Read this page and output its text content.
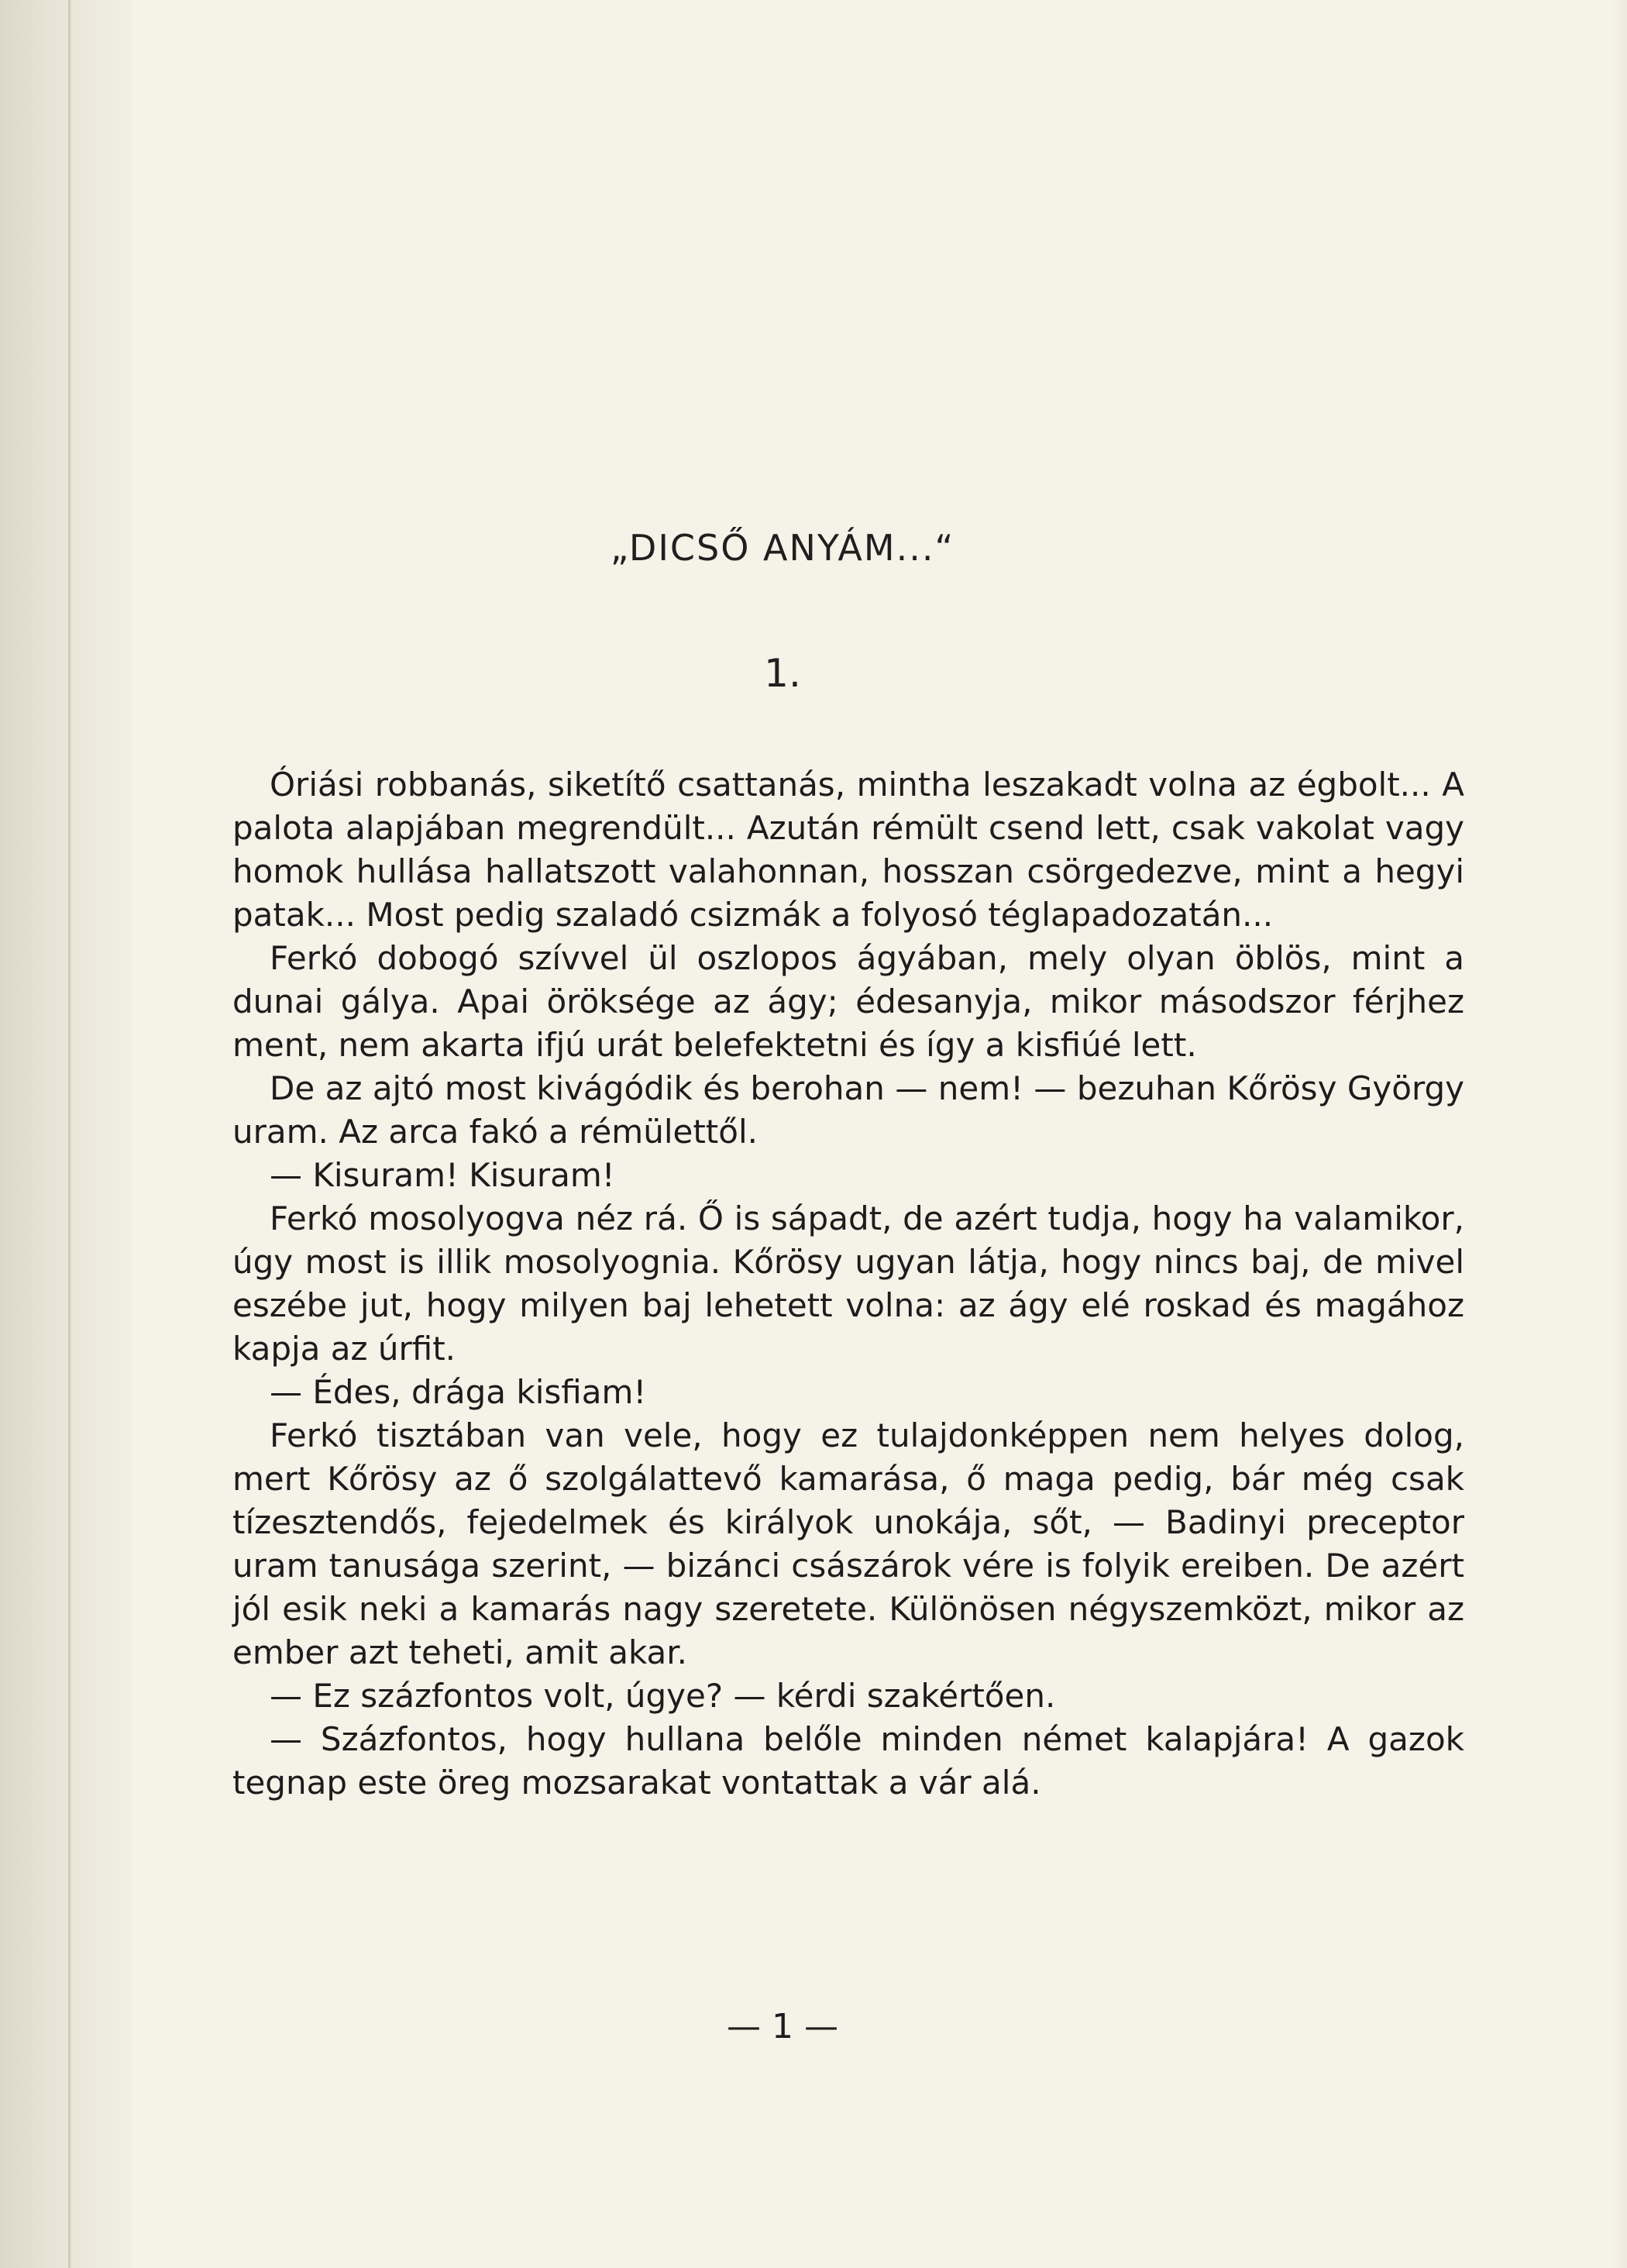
„DICSŐ ANYÁM...“
1.

Óriási robbanás, siketítő csattanás, mintha leszakadt volna az égbolt... A palota alapjában megrendült... Azután rémült csend lett, csak vakolat vagy homok hullása hallatszott valahonnan, hosszan csörgedezve, mint a hegyi patak... Most pedig szaladó csizmák a folyosó téglapadozatán...

Ferkó dobogó szívvel ül oszlopos ágyában, mely olyan öblös, mint a dunai gálya. Apai öröksége az ágy; édesanyja, mikor másodszor férjhez ment, nem akarta ifjú urát belefektetni és így a kisfiúé lett.

De az ajtó most kivágódik és berohan — nem! — bezuhan Kőrösy György uram. Az arca fakó a rémülettől.

— Kisuram! Kisuram!

Ferkó mosolyogva néz rá. Ő is sápadt, de azért tudja, hogy ha valamikor, úgy most is illik mosolyognia. Kőrösy ugyan látja, hogy nincs baj, de mivel eszébe jut, hogy milyen baj lehetett volna: az ágy elé roskad és magához kapja az úrfit.

— Édes, drága kisfiam!

Ferkó tisztában van vele, hogy ez tulajdonképpen nem helyes dolog, mert Kőrösy az ő szolgálattevő kamarása, ő maga pedig, bár még csak tízesztendős, fejedelmek és királyok unokája, sőt, — Badinyi preceptor uram tanusága szerint, — bizánci császárok vére is folyik ereiben. De azért jól esik neki a kamarás nagy szeretete. Különösen négyszemközt, mikor az ember azt teheti, amit akar.

— Ez százfontos volt, úgye? — kérdi szakértően.

— Százfontos, hogy hullana belőle minden német kalapjára! A gazok tegnap este öreg mozsarakat vontattak a vár alá.

— 1 —
